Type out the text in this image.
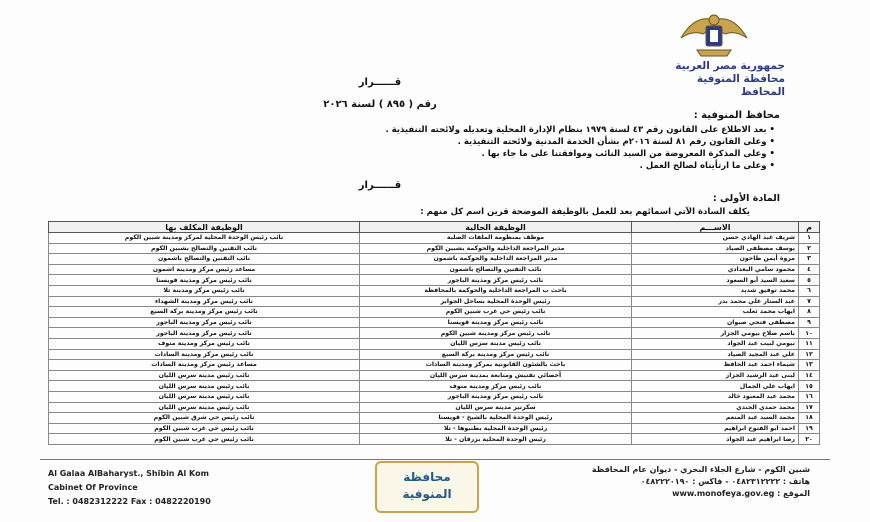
جمهورية مصر العربية
محافظة المنوفية
المحافظ
قــــــرار
رقم ( ٨٩٥ ) لسنة ٢٠٢٦
محافظ المنوفية :
• بعد الاطلاع على القانون رقم ٤٣ لسنة ١٩٧٩ بنظام الإدارة المحلية وتعديله ولائحته التنفيذية .
• وعلى القانون رقم ٨١ لسنة ٢٠١٦م بشأن الخدمة المدنية ولائحته التنفيذية .
• وعلى المذكرة المعروضة من السيد النائب وموافقتنا على ما جاء بها .
• وعلى ما ارتأيناه لصالح العمل .
قــــــرار
المادة الأولى :
يكلف السادة الآتي اسمائهم بعد للعمل بالوظيفة الموضحة قرين اسم كل منهم :
م	الاســـم	الوظيفة الحالية	الوظيفة المكلف بها
١	شريف عبد الهادي حسن	موظف بمنظومة الملفات الصلبة	نائب رئيس الوحدة المحلية لمركز ومدينة شبين الكوم
٢	يوسف مصطفى الصياد	مدير المراجعة الداخلية والحوكمة بشبين الكوم	نائب التقنين والتصالح بشبين الكوم
٣	مروة أيمن طاحون	مدير المراجعة الداخلية والحوكمة باشمون	نائب التقنين والتصالح باشمون
٤	محمود سامي البغدادي	نائب التقنين والتصالح باشمون	مساعد رئيس مركز ومدينة اشمون
٥	سعيد السيد أبو السعود	نائب رئيس مركز ومدينة الباجور	نائب رئيس مركز ومدينة قويسنا
٦	محمد توفيق شديد	باحث ب المراجعة الداخلية والحوكمة بالمحافظة	نائب رئيس مركز ومدينة تلا
٧	عبد الستار علي محمد بدر	رئيس الوحدة المحلية بساحل الجوابر	نائب رئيس مركز ومدينة الشهداء
٨	ايهاب محمد ثعلب	نائب رئيس حي غرب شبين الكوم	نائب رئيس مركز ومدينة بركة السبع
٩	مصطفى فتحي صيوان	نائب رئيس مركز ومدينة قويسنا	نائب رئيس مركز ومدينة الباجور
١٠	باسم صلاح بيومي الجزار	نائب رئيس مركز ومدينة شبين الكوم	نائب رئيس مركز ومدينة الباجور
١١	بيومي لبيب عبد الجواد	نائب رئيس مدينة سرس الليان	نائب رئيس مركز ومدينة منوف
١٢	علي عبد المجيد الصياد	نائب رئيس مركز ومدينة بركة السبع	نائب رئيس مركز ومدينة السادات
١٣	شيماء احمد عبد الحافظ	باحث بالشئون القانونية بمركز ومدينة السادات	مساعد رئيس مركز ومدينة السادات
١٤	لبنى عبد الرشيد الجزار	أخصائي تفتيش ومتابعة بمدينة سرس الليان	نائب رئيس مدينة سرس الليان
١٥	ايهاب علي الجمال	نائب رئيس مركز ومدينة منوف	نائب رئيس مدينة سرس الليان
١٦	محمد عبد المعبود خالد	نائب رئيس مركز ومدينة الباجور	نائب رئيس مدينة سرس الليان
١٧	محمد حمدي الجندي	سكرتير مدينة سرس الليان	نائب رئيس مدينة سرس الليان
١٨	محمد السيد عبد المنعم	رئيس الوحدة المحلية بالشيخ - قويسنا	نائب رئيس حي شرق شبين الكوم
١٩	احمد ابو الفتوح ابراهيم	رئيس الوحدة المحلية بطنبوها - تلا	نائب رئيس حي غرب شبين الكوم
٢٠	رضا ابراهيم عبد الجواد	رئيس الوحدة المحلية بزرقان - تلا	نائب رئيس حي غرب شبين الكوم
Al Galaa AlBaharyst., Shibin Al Kom
Cabinet Of Province
Tel. : 0482312222 Fax : 0482220190
محافظة
المنوفية
شبين الكوم - شارع الجلاء البحري - ديوان عام المحافظة
هاتف : ٠٤٨٢٣١٢٢٢٢ - فاكس : ٠٤٨٢٢٢٠١٩٠
الموقع : www.monofeya.gov.eg
